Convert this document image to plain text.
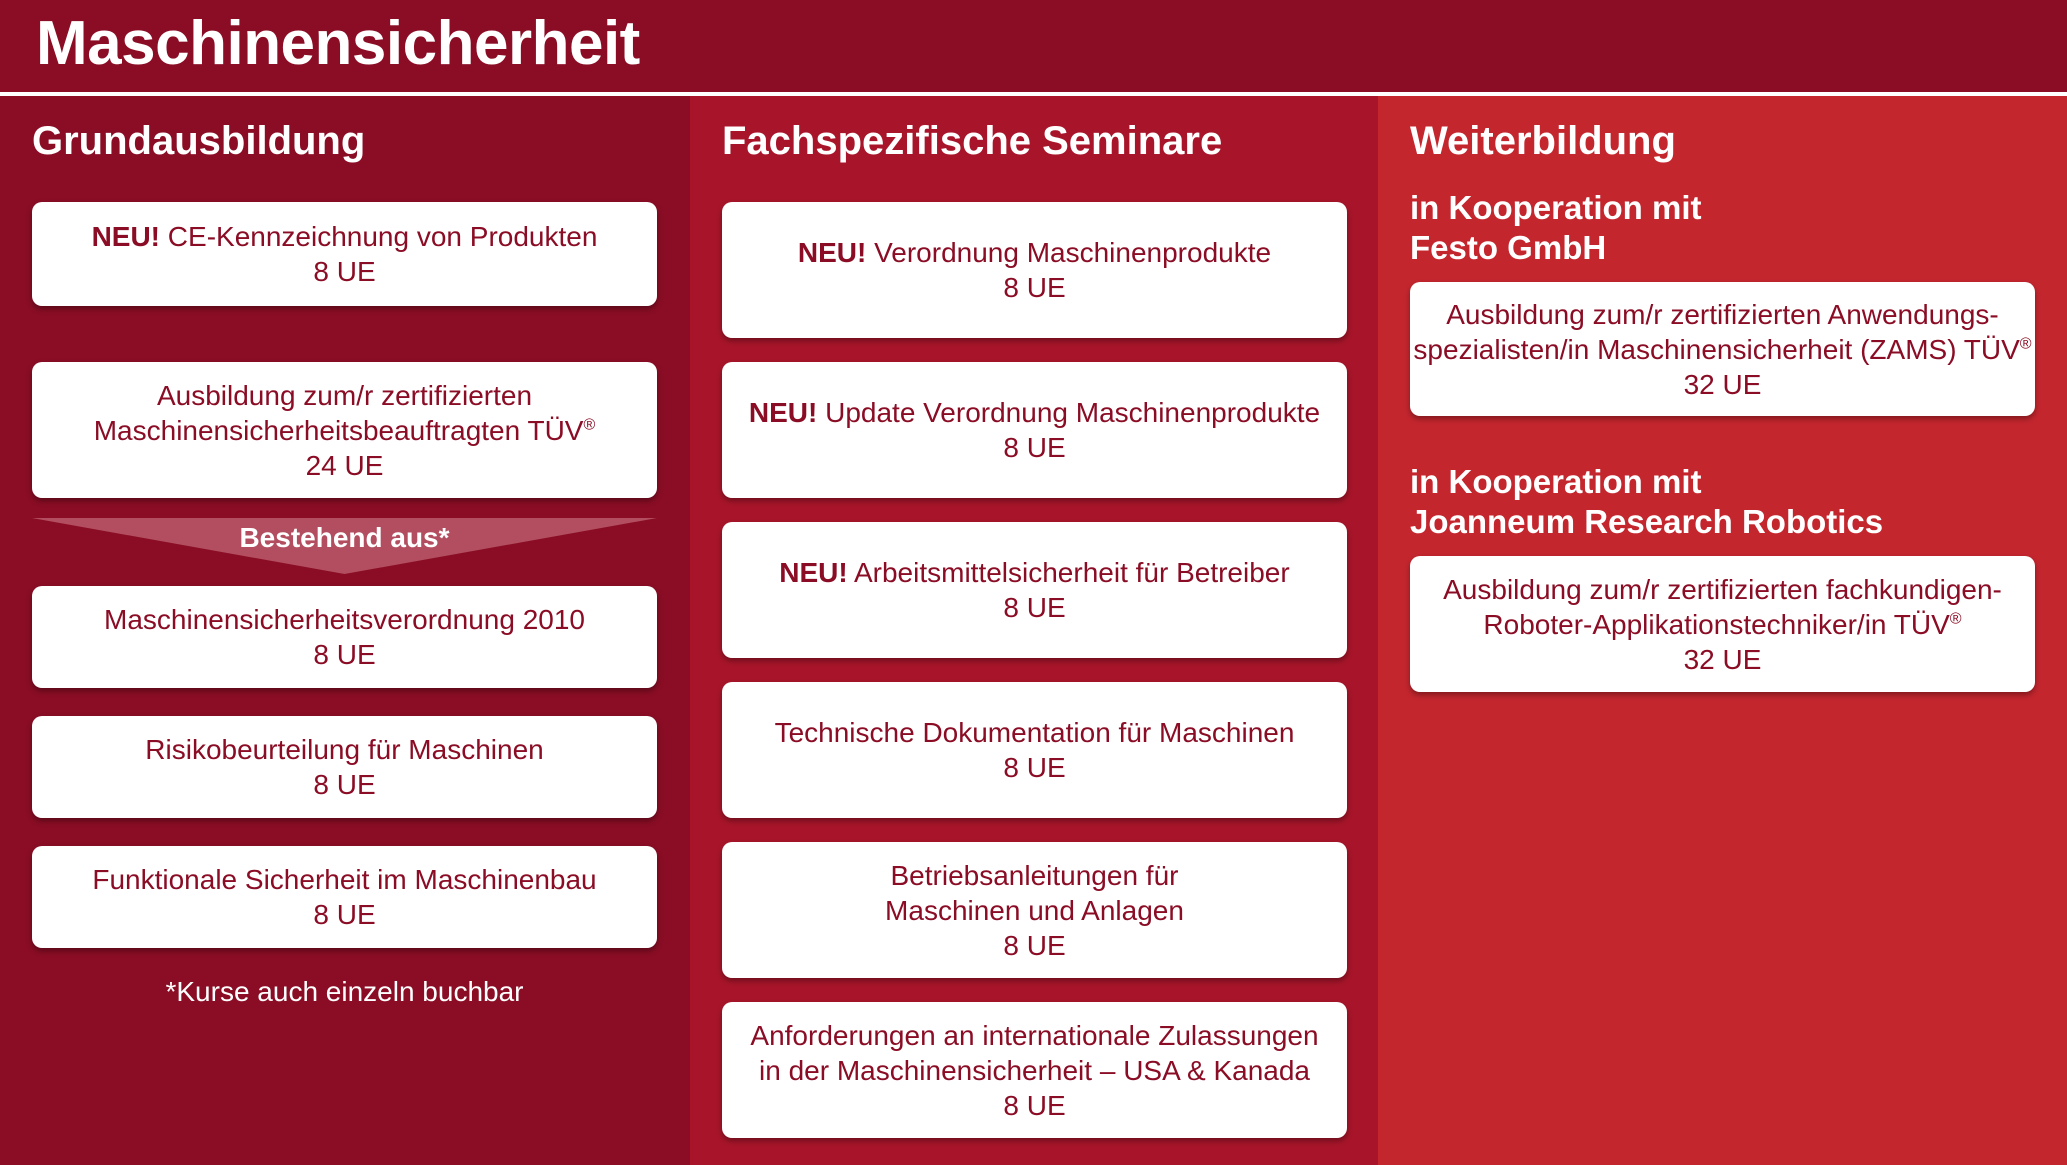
Maschinensicherheit
Grundausbildung
NEU! CE-Kennzeichnung von Produkten
8 UE
Ausbildung zum/r zertifizierten
Maschinensicherheitsbeauftragten TÜV®
24 UE
Bestehend aus*
Maschinensicherheitsverordnung 2010
8 UE
Risikobeurteilung für Maschinen
8 UE
Funktionale Sicherheit im Maschinenbau
8 UE
*Kurse auch einzeln buchbar
Fachspezifische Seminare
NEU! Verordnung Maschinenprodukte
8 UE
NEU! Update Verordnung Maschinenprodukte
8 UE
NEU! Arbeitsmittelsicherheit für Betreiber
8 UE
Technische Dokumentation für Maschinen
8 UE
Betriebsanleitungen für
Maschinen und Anlagen
8 UE
Anforderungen an internationale Zulassungen
in der Maschinensicherheit – USA & Kanada
8 UE
Weiterbildung
in Kooperation mit
Festo GmbH
Ausbildung zum/r zertifizierten Anwendungs-
spezialisten/in Maschinensicherheit (ZAMS) TÜV®
32 UE
in Kooperation mit
Joanneum Research Robotics
Ausbildung zum/r zertifizierten fachkundigen-
Roboter-Applikationstechniker/in TÜV®
32 UE
